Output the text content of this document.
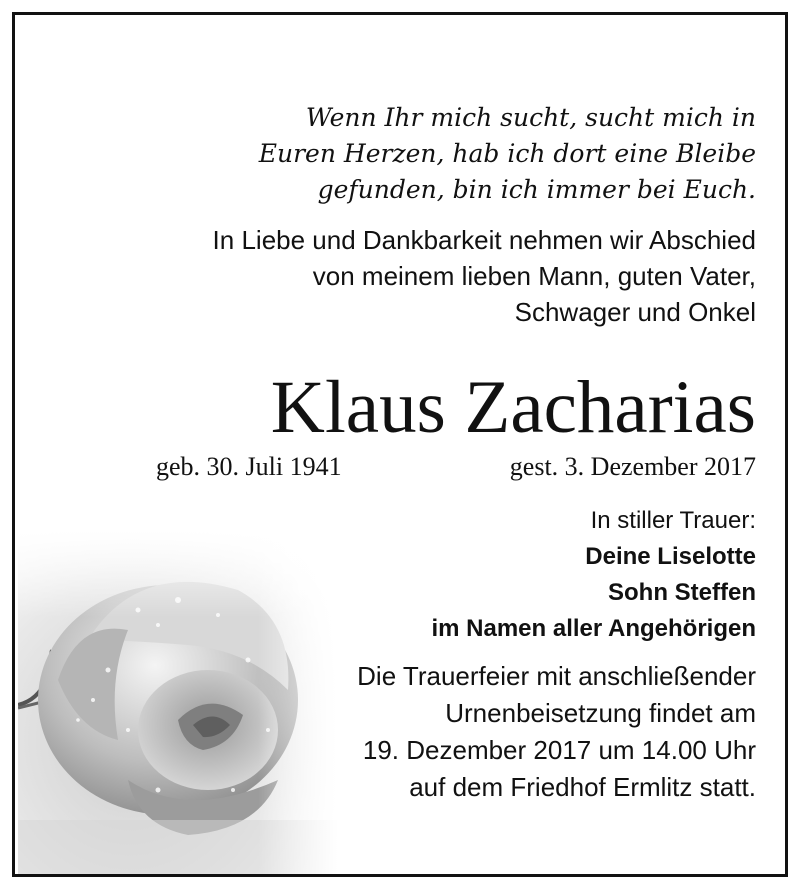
Wenn Ihr mich sucht, sucht mich in
Euren Herzen, hab ich dort eine Bleibe
gefunden, bin ich immer bei Euch.
In Liebe und Dankbarkeit nehmen wir Abschied
von meinem lieben Mann, guten Vater,
Schwager und Onkel
Klaus Zacharias
geb. 30. Juli 1941	gest. 3. Dezember 2017
In stiller Trauer:
Deine Liselotte
Sohn Steffen
im Namen aller Angehörigen
Die Trauerfeier mit anschließender
Urnenbeisetzung findet am
19. Dezember 2017 um 14.00 Uhr
auf dem Friedhof Ermlitz statt.
